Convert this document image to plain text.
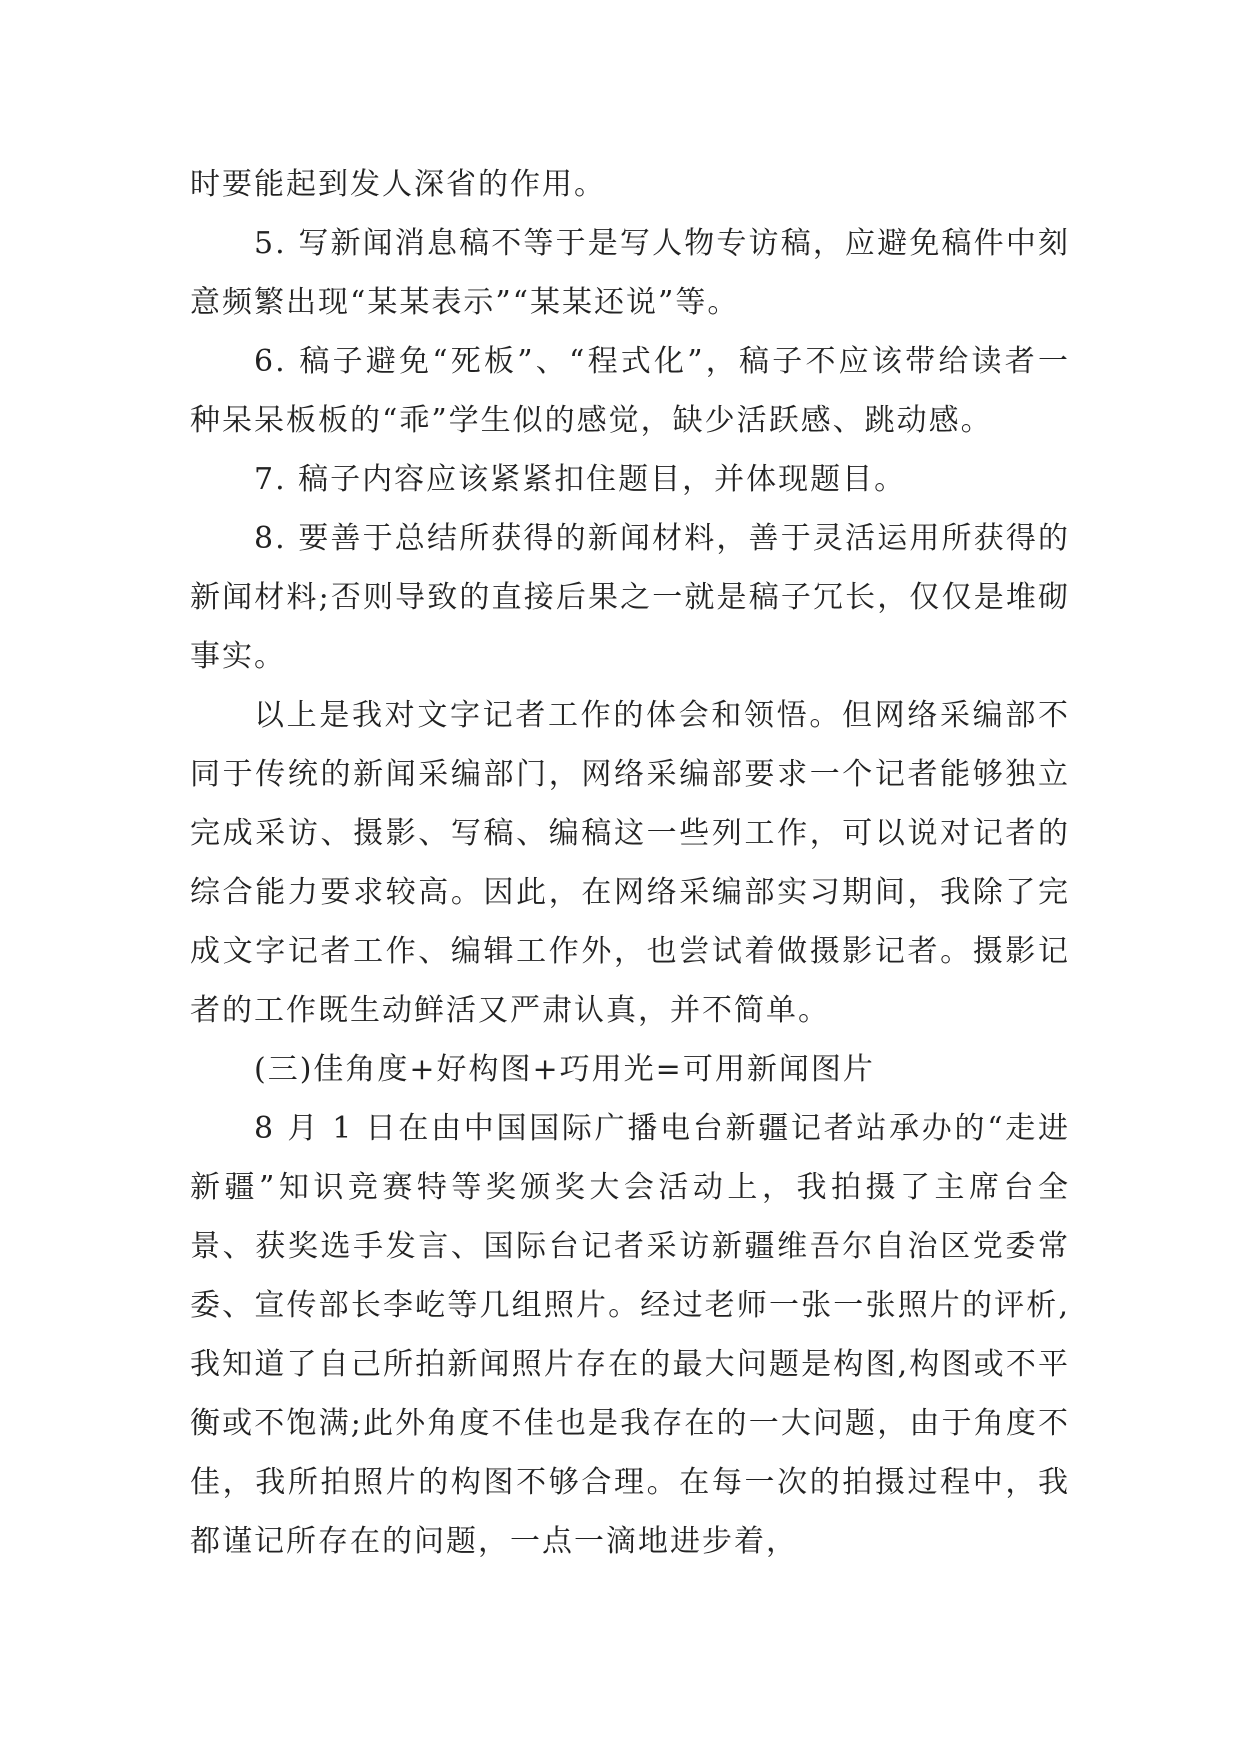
时要能起到发人深省的作用。

5. 写新闻消息稿不等于是写人物专访稿，应避免稿件中刻意频繁出现“某某表示”“某某还说”等。

6. 稿子避免“死板”、“程式化”，稿子不应该带给读者一种呆呆板板的“乖”学生似的感觉，缺少活跃感、跳动感。

7. 稿子内容应该紧紧扣住题目，并体现题目。

8. 要善于总结所获得的新闻材料，善于灵活运用所获得的新闻材料;否则导致的直接后果之一就是稿子冗长，仅仅是堆砌事实。

以上是我对文字记者工作的体会和领悟。但网络采编部不同于传统的新闻采编部门，网络采编部要求一个记者能够独立完成采访、摄影、写稿、编稿这一些列工作，可以说对记者的综合能力要求较高。因此，在网络采编部实习期间，我除了完成文字记者工作、编辑工作外，也尝试着做摄影记者。摄影记者的工作既生动鲜活又严肃认真，并不简单。

(三)佳角度+好构图+巧用光=可用新闻图片

8 月 1 日在由中国国际广播电台新疆记者站承办的“走进新疆”知识竞赛特等奖颁奖大会活动上，我拍摄了主席台全景、获奖选手发言、国际台记者采访新疆维吾尔自治区党委常委、宣传部长李屹等几组照片。经过老师一张一张照片的评析,我知道了自己所拍新闻照片存在的最大问题是构图,构图或不平衡或不饱满;此外角度不佳也是我存在的一大问题，由于角度不佳，我所拍照片的构图不够合理。在每一次的拍摄过程中，我都谨记所存在的问题，一点一滴地进步着，
